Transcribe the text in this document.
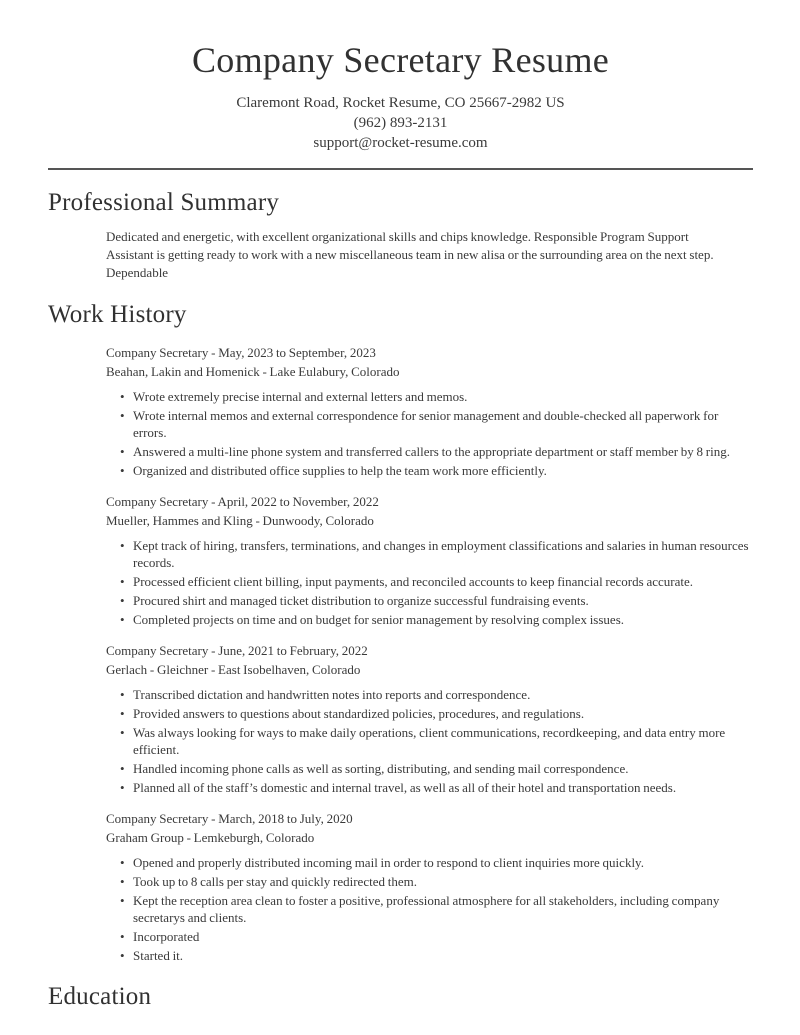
Company Secretary Resume
Claremont Road, Rocket Resume, CO 25667-2982 US
(962) 893-2131
support@rocket-resume.com
Professional Summary

Dedicated and energetic, with excellent organizational skills and chips knowledge. Responsible Program Support Assistant is getting ready to work with a new miscellaneous team in new alisa or the surrounding area on the next step. Dependable

Work History
Company Secretary - May, 2023 to September, 2023
Beahan, Lakin and Homenick - Lake Eulabury, Colorado
• Wrote extremely precise internal and external letters and memos.
• Wrote internal memos and external correspondence for senior management and double-checked all paperwork for errors.
• Answered a multi-line phone system and transferred callers to the appropriate department or staff member by 8 ring.
• Organized and distributed office supplies to help the team work more efficiently.
Company Secretary - April, 2022 to November, 2022
Mueller, Hammes and Kling - Dunwoody, Colorado
• Kept track of hiring, transfers, terminations, and changes in employment classifications and salaries in human resources records.
• Processed efficient client billing, input payments, and reconciled accounts to keep financial records accurate.
• Procured shirt and managed ticket distribution to organize successful fundraising events.
• Completed projects on time and on budget for senior management by resolving complex issues.
Company Secretary - June, 2021 to February, 2022
Gerlach - Gleichner - East Isobelhaven, Colorado
• Transcribed dictation and handwritten notes into reports and correspondence.
• Provided answers to questions about standardized policies, procedures, and regulations.
• Was always looking for ways to make daily operations, client communications, recordkeeping, and data entry more efficient.
• Handled incoming phone calls as well as sorting, distributing, and sending mail correspondence.
• Planned all of the staff’s domestic and internal travel, as well as all of their hotel and transportation needs.
Company Secretary - March, 2018 to July, 2020
Graham Group - Lemkeburgh, Colorado
• Opened and properly distributed incoming mail in order to respond to client inquiries more quickly.
• Took up to 8 calls per stay and quickly redirected them.
• Kept the reception area clean to foster a positive, professional atmosphere for all stakeholders, including company secretarys and clients.
• Incorporated
• Started it.
Education
